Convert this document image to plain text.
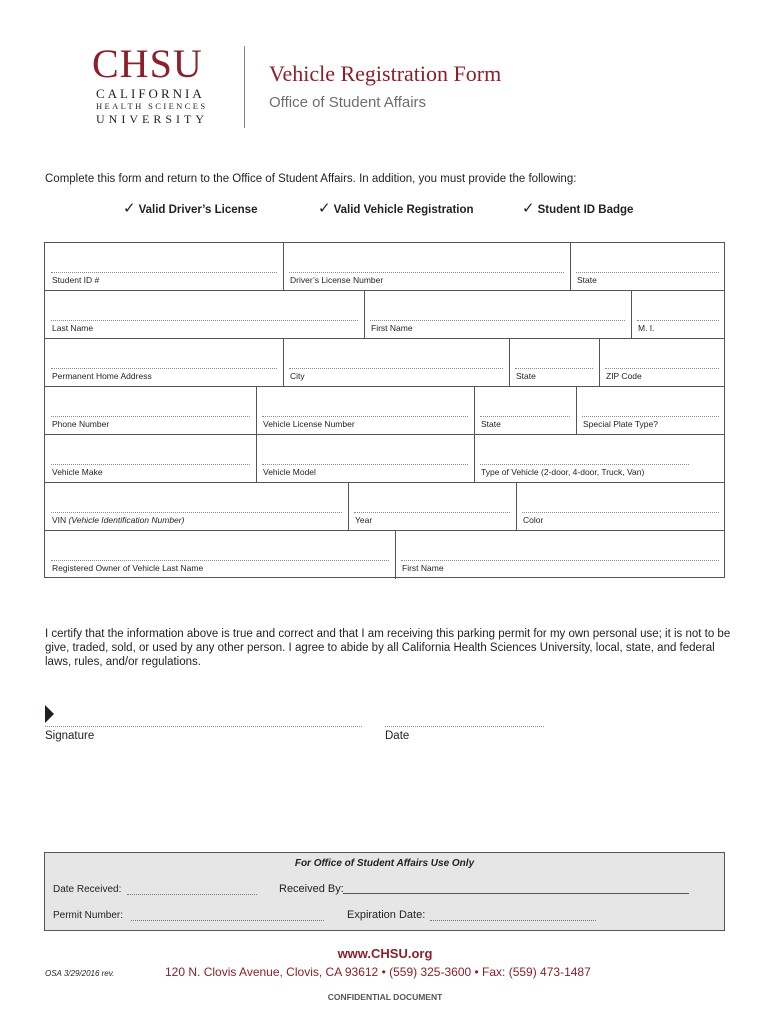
CHSU
CALIFORNIA
HEALTH SCIENCES
UNIVERSITY
Vehicle Registration Form
Office of Student Affairs
Complete this form and return to the Office of Student Affairs. In addition, you must provide the following:
✓ Valid Driver’s License	✓ Valid Vehicle Registration	✓ Student ID Badge
Student ID #	Driver’s License Number	State
Last Name	First Name	M. I.
Permanent Home Address	City	State	ZIP Code
Phone Number	Vehicle License Number	State	Special Plate Type?
Vehicle Make	Vehicle Model	Type of Vehicle (2-door, 4-door, Truck, Van)
VIN (Vehicle Identification Number)	Year	Color
Registered Owner of Vehicle Last Name	First Name
I certify that the information above is true and correct and that I am receiving this parking permit for my own personal use; it is not to be give, traded, sold, or used by any other person. I agree to abide by all California Health Sciences University, local, state, and federal laws, rules, and/or regulations.
Signature	Date
For Office of Student Affairs Use Only
Date Received:	Received By:
Permit Number:	Expiration Date:
www.CHSU.org
120 N. Clovis Avenue, Clovis, CA 93612 • (559) 325-3600 • Fax: (559) 473-1487
OSA 3/29/2016 rev.
CONFIDENTIAL DOCUMENT
